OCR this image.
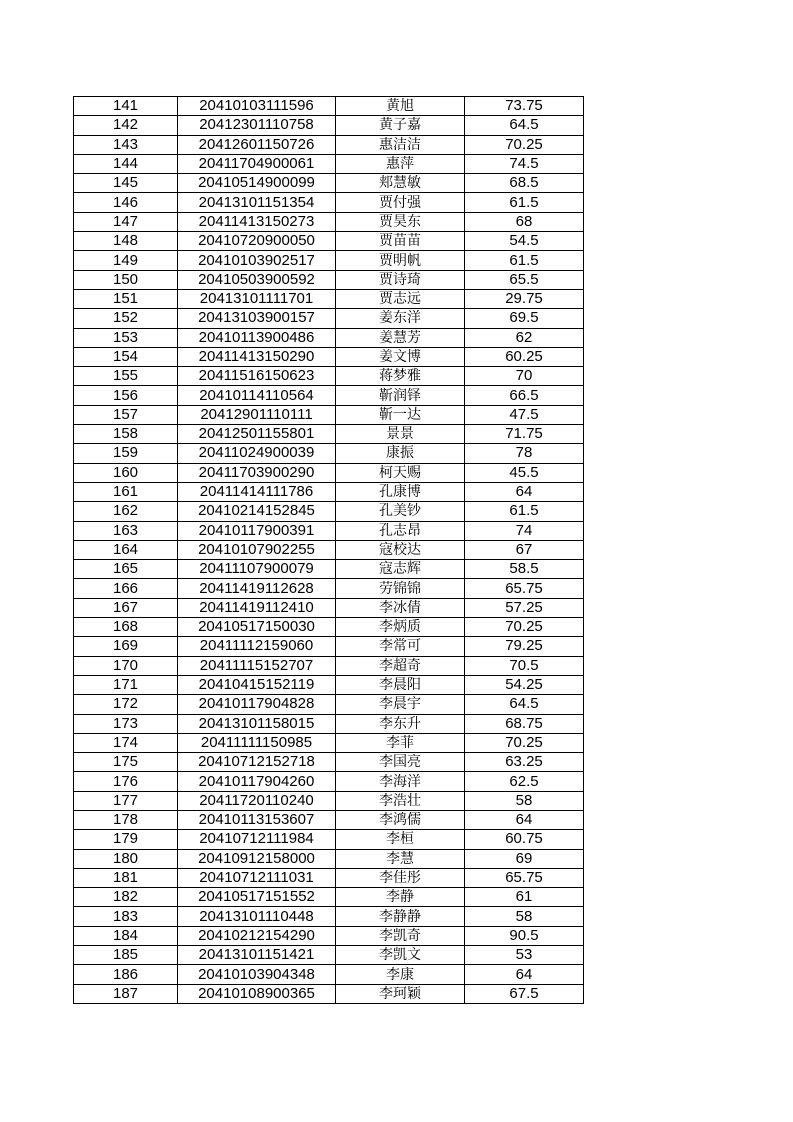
141	20410103111596	黄旭	73.75
142	20412301110758	黄子嘉	64.5
143	20412601150726	惠洁洁	70.25
144	20411704900061	惠萍	74.5
145	20410514900099	郏慧敏	68.5
146	20413101151354	贾付强	61.5
147	20411413150273	贾昊东	68
148	20410720900050	贾苗苗	54.5
149	20410103902517	贾明帆	61.5
150	20410503900592	贾诗琦	65.5
151	20413101111701	贾志远	29.75
152	20413103900157	姜东洋	69.5
153	20410113900486	姜慧芳	62
154	20411413150290	姜文博	60.25
155	20411516150623	蒋梦雅	70
156	20410114110564	靳润铎	66.5
157	20412901110111	靳一达	47.5
158	20412501155801	景景	71.75
159	20411024900039	康振	78
160	20411703900290	柯天赐	45.5
161	20411414111786	孔康博	64
162	20410214152845	孔美钞	61.5
163	20410117900391	孔志昂	74
164	20410107902255	寇校达	67
165	20411107900079	寇志辉	58.5
166	20411419112628	劳锦锦	65.75
167	20411419112410	李冰倩	57.25
168	20410517150030	李炳质	70.25
169	20411112159060	李常可	79.25
170	20411115152707	李超奇	70.5
171	20410415152119	李晨阳	54.25
172	20410117904828	李晨宇	64.5
173	20413101158015	李东升	68.75
174	20411111150985	李菲	70.25
175	20410712152718	李国亮	63.25
176	20410117904260	李海洋	62.5
177	20411720110240	李浩壮	58
178	20410113153607	李鸿儒	64
179	20410712111984	李桓	60.75
180	20410912158000	李慧	69
181	20410712111031	李佳彤	65.75
182	20410517151552	李静	61
183	20413101110448	李静静	58
184	20410212154290	李凯奇	90.5
185	20413101151421	李凯文	53
186	20410103904348	李康	64
187	20410108900365	李珂颖	67.5
